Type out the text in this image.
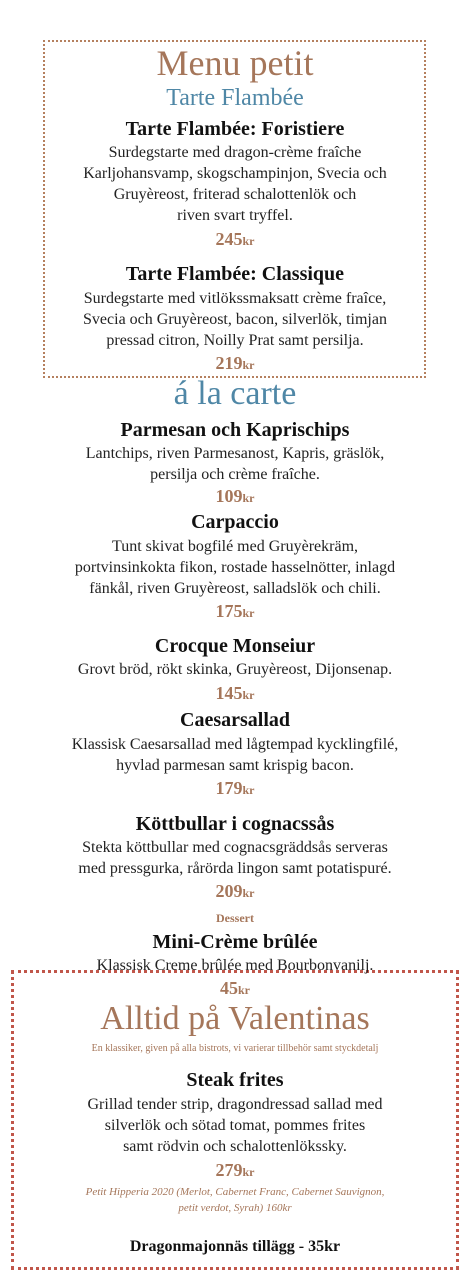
Menu petit

Tarte Flambée

Tarte Flambée: Foristiere

Surdegstarte med dragon-crème fraîche

Karljohansvamp, skogschampinjon, Svecia och

Gruyèreost, friterad schalottenlök och

riven svart tryffel.

245kr

Tarte Flambée: Classique

Surdegstarte med vitlökssmaksatt crème fraîce,

Svecia och Gruyèreost, bacon, silverlök, timjan

pressad citron, Noilly Prat samt persilja.

219kr

á la carte

Parmesan och Kaprischips

Lantchips, riven Parmesanost, Kapris, gräslök,

persilja och crème fraîche.

109kr

Carpaccio

Tunt skivat bogfilé med Gruyèrekräm,

portvinsinkokta fikon, rostade hasselnötter, inlagd

fänkål, riven Gruyèreost, salladslök och chili.

175kr

Crocque Monseiur

Grovt bröd, rökt skinka, Gruyèreost, Dijonsenap.

145kr

Caesarsallad

Klassisk Caesarsallad med lågtempad kycklingfilé,

hyvlad parmesan samt krispig bacon.

179kr

Köttbullar i cognacssås

Stekta köttbullar med cognacsgräddsås serveras

med pressgurka, rårörda lingon samt potatispuré.

209kr

Dessert

Mini-Crème brûlée

Klassisk Creme brûlée med Bourbonvanilj.

45kr

Alltid på Valentinas

En klassiker, given på alla bistrots, vi varierar tillbehör samt styckdetalj

Steak frites

Grillad tender strip, dragondressad sallad med

silverlök och sötad tomat, pommes frites

samt rödvin och schalottenlökssky.

279kr

Petit Hipperia 2020 (Merlot, Cabernet Franc, Cabernet Sauvignon,

petit verdot, Syrah) 160kr

Dragonmajonnäs tillägg - 35kr
